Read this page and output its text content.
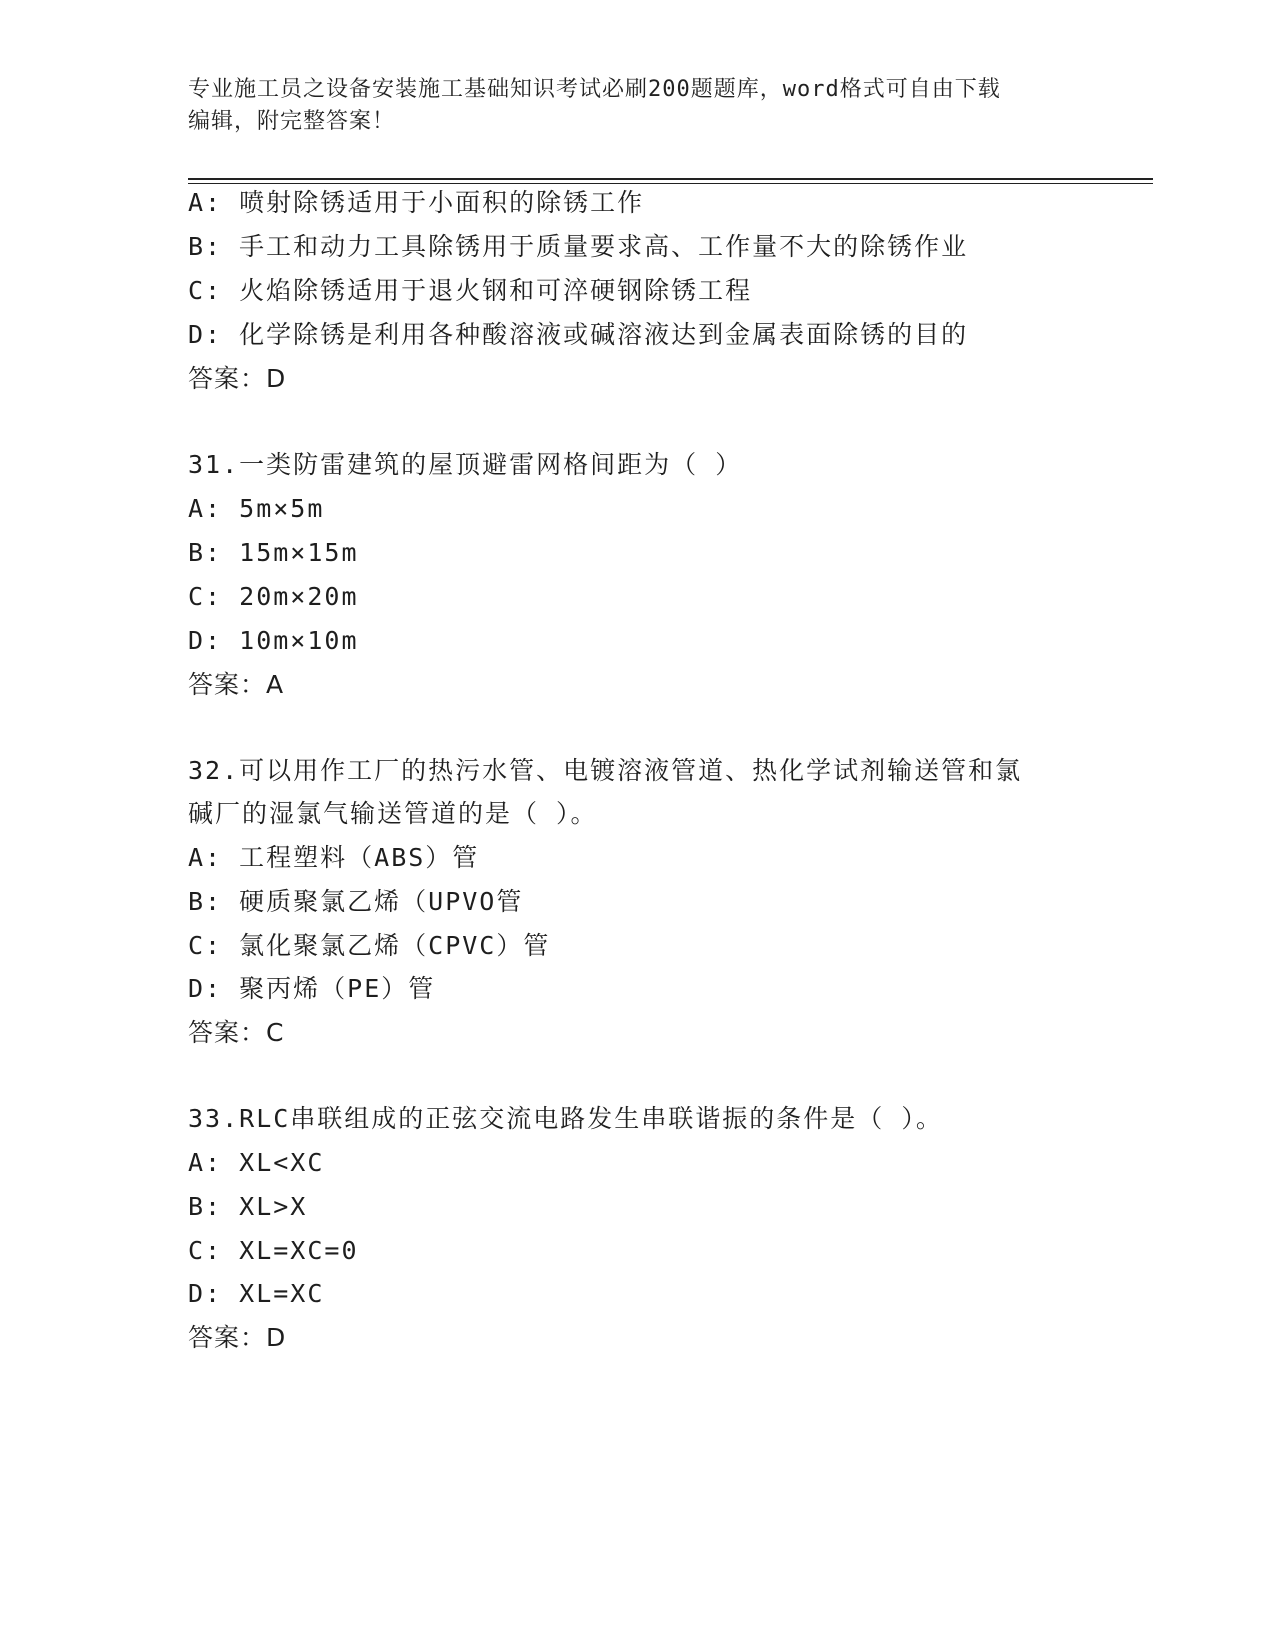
专业施工员之设备安装施工基础知识考试必刷200题题库，word格式可自由下载
编辑，附完整答案！
A: 喷射除锈适用于小面积的除锈工作
B: 手工和动力工具除锈用于质量要求高、工作量不大的除锈作业
C: 火焰除锈适用于退火钢和可淬硬钢除锈工程
D: 化学除锈是利用各种酸溶液或碱溶液达到金属表面除锈的目的
答案：D
31.一类防雷建筑的屋顶避雷网格间距为（ ）
A: 5m×5m
B: 15m×15m
C: 20m×20m
D: 10m×10m
答案：A
32.可以用作工厂的热污水管、电镀溶液管道、热化学试剂输送管和氯
碱厂的湿氯气输送管道的是（ ）。
A: 工程塑料（ABS）管
B: 硬质聚氯乙烯（UPVO管
C: 氯化聚氯乙烯（CPVC）管
D: 聚丙烯（PE）管
答案：C
33.RLC串联组成的正弦交流电路发生串联谐振的条件是（ ）。
A: XL<XC
B: XL>X
C: XL=XC=0
D: XL=XC
答案：D
